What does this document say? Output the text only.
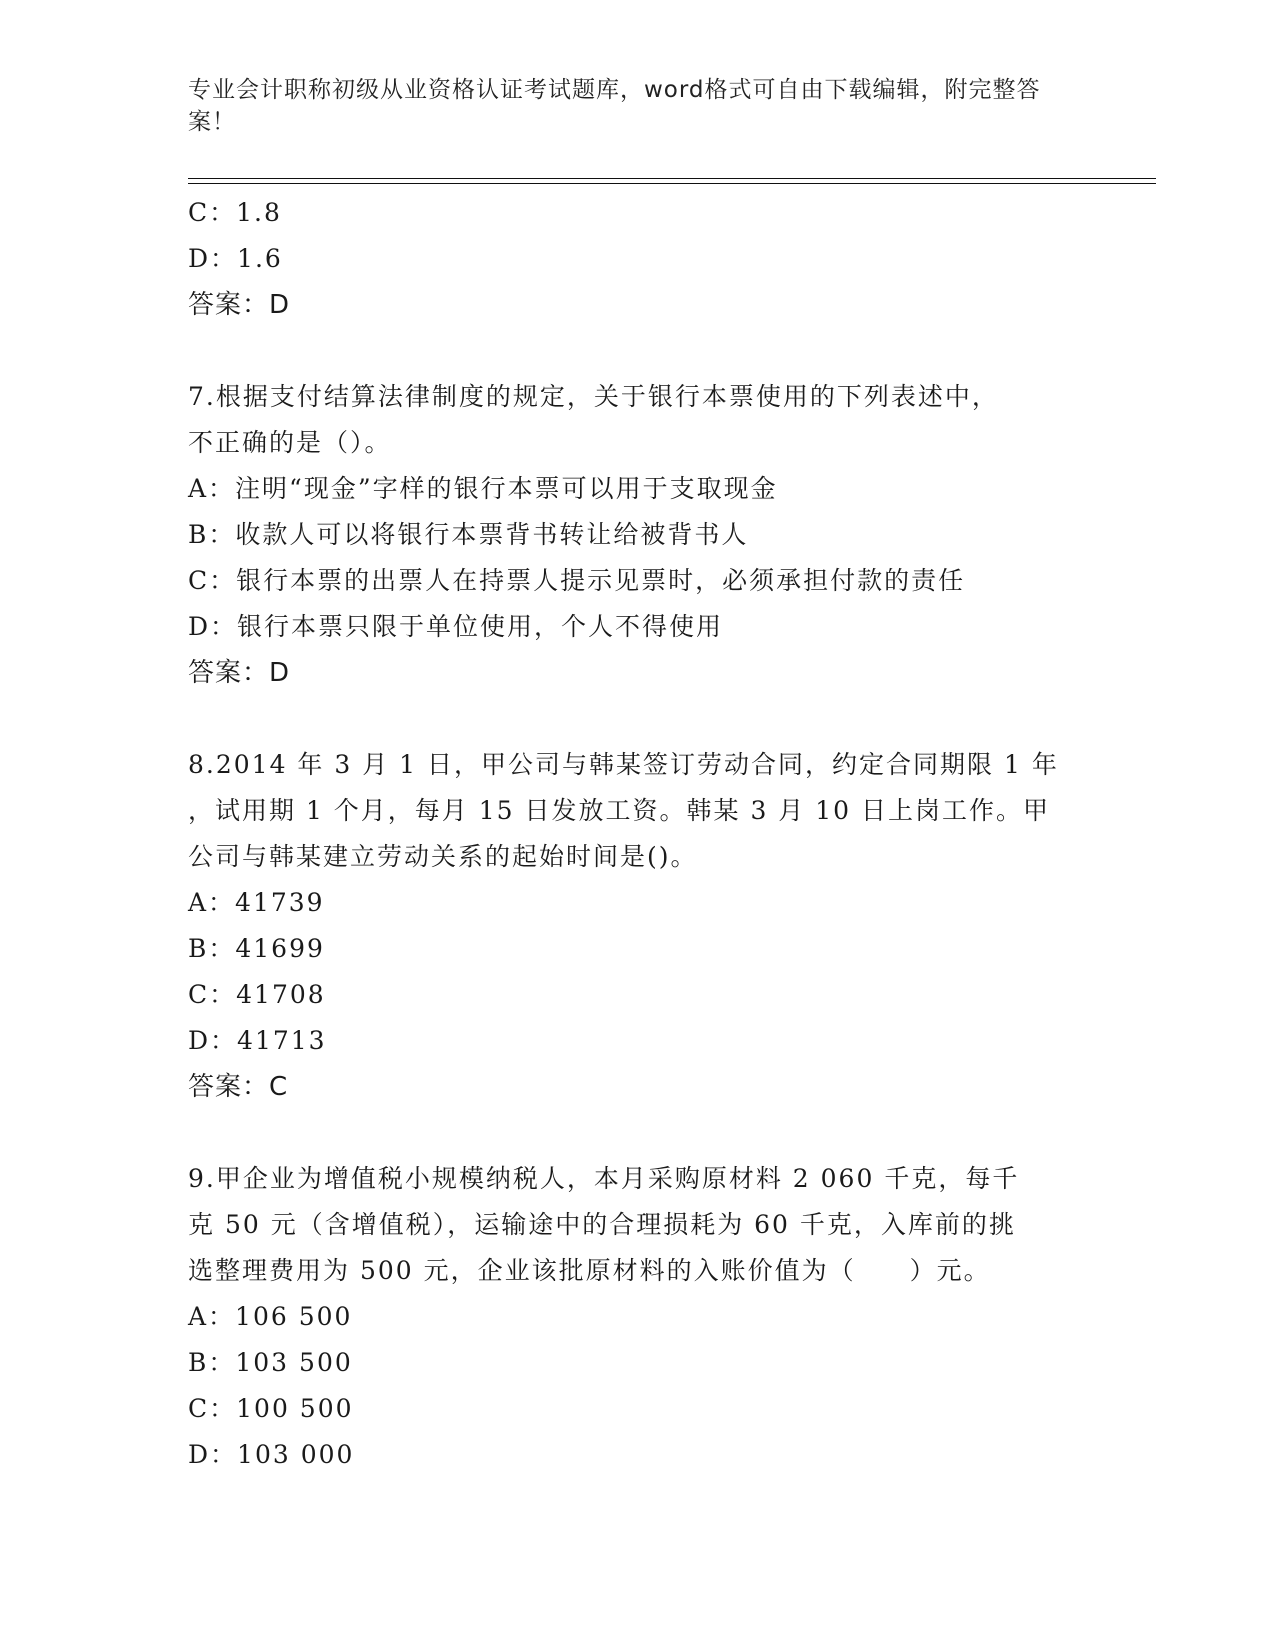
专业会计职称初级从业资格认证考试题库，word格式可自由下载编辑，附完整答
案！
C：1.8
D：1.6
答案：D
7.根据支付结算法律制度的规定，关于银行本票使用的下列表述中，
不正确的是（）。
A：注明“现金”字样的银行本票可以用于支取现金
B：收款人可以将银行本票背书转让给被背书人
C：银行本票的出票人在持票人提示见票时，必须承担付款的责任
D：银行本票只限于单位使用，个人不得使用
答案：D
8.2014 年 3 月 1 日，甲公司与韩某签订劳动合同，约定合同期限 1 年
，试用期 1 个月，每月 15 日发放工资。韩某 3 月 10 日上岗工作。甲
公司与韩某建立劳动关系的起始时间是()。
A：41739
B：41699
C：41708
D：41713
答案：C
9.甲企业为增值税小规模纳税人，本月采购原材料 2 060 千克，每千
克 50 元（含增值税），运输途中的合理损耗为 60 千克，入库前的挑
选整理费用为 500 元，企业该批原材料的入账价值为（　　）元。
A：106 500
B：103 500
C：100 500
D：103 000
